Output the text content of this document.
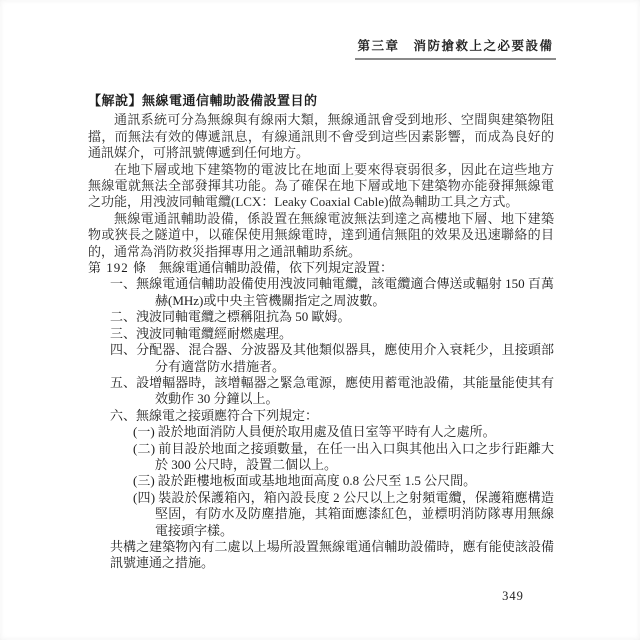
第三章　消防搶救上之必要設備
【解說】無線電通信輔助設備設置目的

通訊系統可分為無線與有線兩大類，無線通訊會受到地形、空間與建築物阻擋，而無法有效的傳遞訊息，有線通訊則不會受到這些因素影響，而成為良好的通訊媒介，可將訊號傳遞到任何地方。

在地下層或地下建築物的電波比在地面上要來得衰弱很多，因此在這些地方無線電就無法全部發揮其功能。為了確保在地下層或地下建築物亦能發揮無線電之功能，用洩波同軸電纜(LCX：Leaky Coaxial Cable)做為輔助工具之方式。

無線電通訊輔助設備，係設置在無線電波無法到達之高樓地下層、地下建築物或狹長之隧道中，以確保使用無線電時，達到通信無阻的效果及迅速聯絡的目的，通常為消防救災指揮專用之通訊輔助系統。

第 192 條 無線電通信輔助設備，依下列規定設置：

一、無線電通信輔助設備使用洩波同軸電纜，該電纜適合傳送或輻射 150 百萬赫(MHz)或中央主管機關指定之周波數。

二、洩波同軸電纜之標稱阻抗為 50 歐姆。

三、洩波同軸電纜經耐燃處理。

四、分配器、混合器、分波器及其他類似器具，應使用介入衰耗少，且接頭部分有適當防水措施者。

五、設增輻器時，該增輻器之緊急電源，應使用蓄電池設備，其能量能使其有效動作 30 分鐘以上。

六、無線電之接頭應符合下列規定：

(一) 設於地面消防人員便於取用處及值日室等平時有人之處所。

(二) 前目設於地面之接頭數量，在任一出入口與其他出入口之步行距離大於 300 公尺時，設置二個以上。

(三) 設於距樓地板面或基地地面高度 0.8 公尺至 1.5 公尺間。

(四) 裝設於保護箱內，箱內設長度 2 公尺以上之射頻電纜，保護箱應構造堅固，有防水及防塵措施，其箱面應漆紅色，並標明消防隊專用無線電接頭字樣。

共構之建築物內有二處以上場所設置無線電通信輔助設備時，應有能使該設備訊號連通之措施。

349
